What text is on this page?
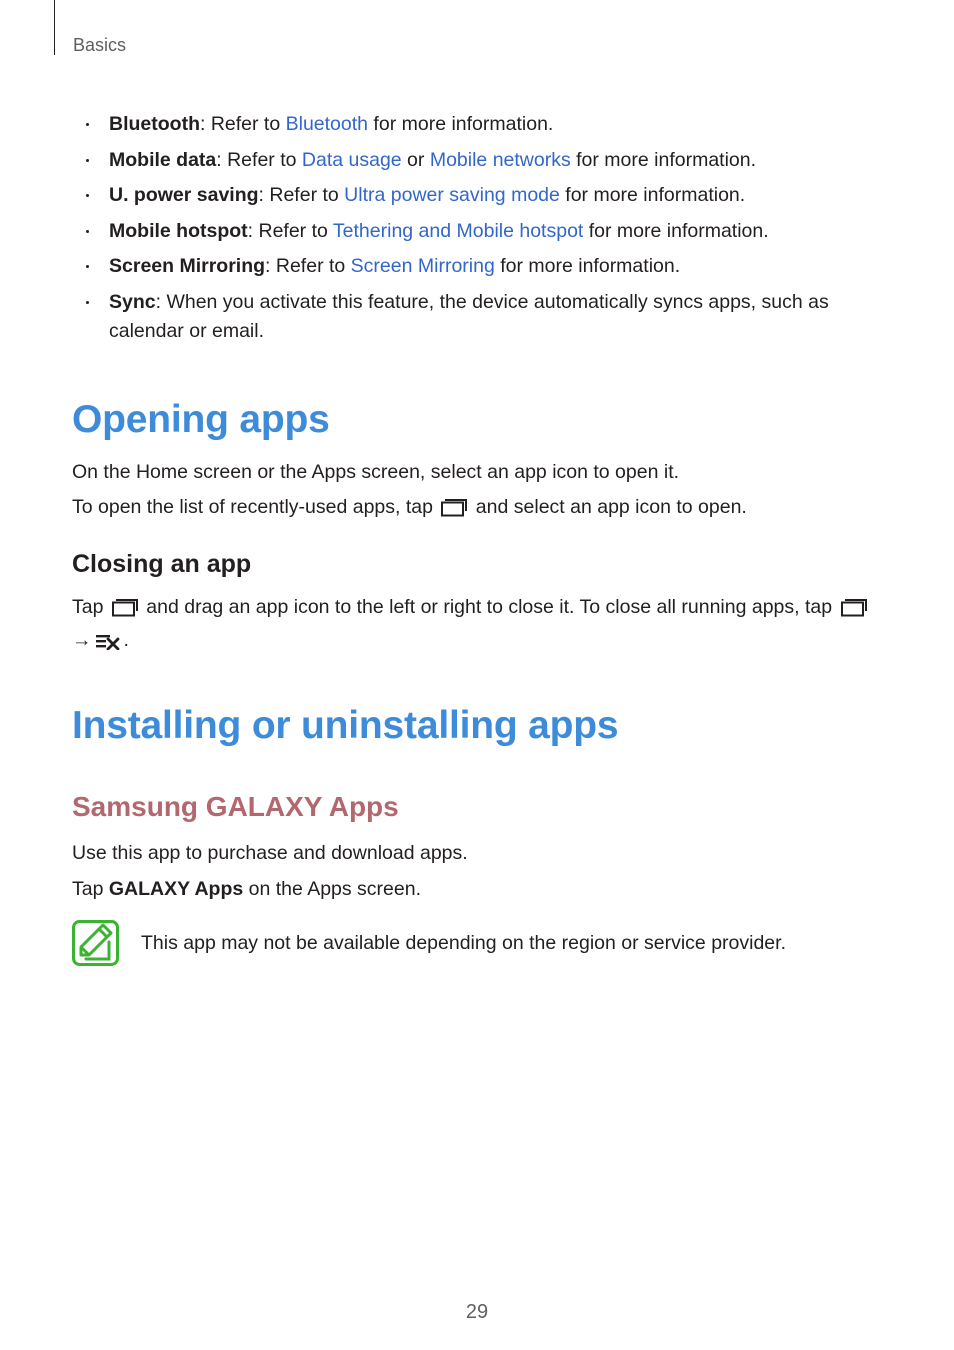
Basics
Bluetooth: Refer to Bluetooth for more information.
Mobile data: Refer to Data usage or Mobile networks for more information.
U. power saving: Refer to Ultra power saving mode for more information.
Mobile hotspot: Refer to Tethering and Mobile hotspot for more information.
Screen Mirroring: Refer to Screen Mirroring for more information.
Sync: When you activate this feature, the device automatically syncs apps, such as
calendar or email.
Opening apps

On the Home screen or the Apps screen, select an app icon to open it.

To open the list of recently-used apps, tap  and select an app icon to open.

Closing an app

Tap  and drag an app icon to the left or right to close it. To close all running apps, tap
→ .

Installing or uninstalling apps
Samsung GALAXY Apps

Use this app to purchase and download apps.

Tap GALAXY Apps on the Apps screen.

This app may not be available depending on the region or service provider.

29
